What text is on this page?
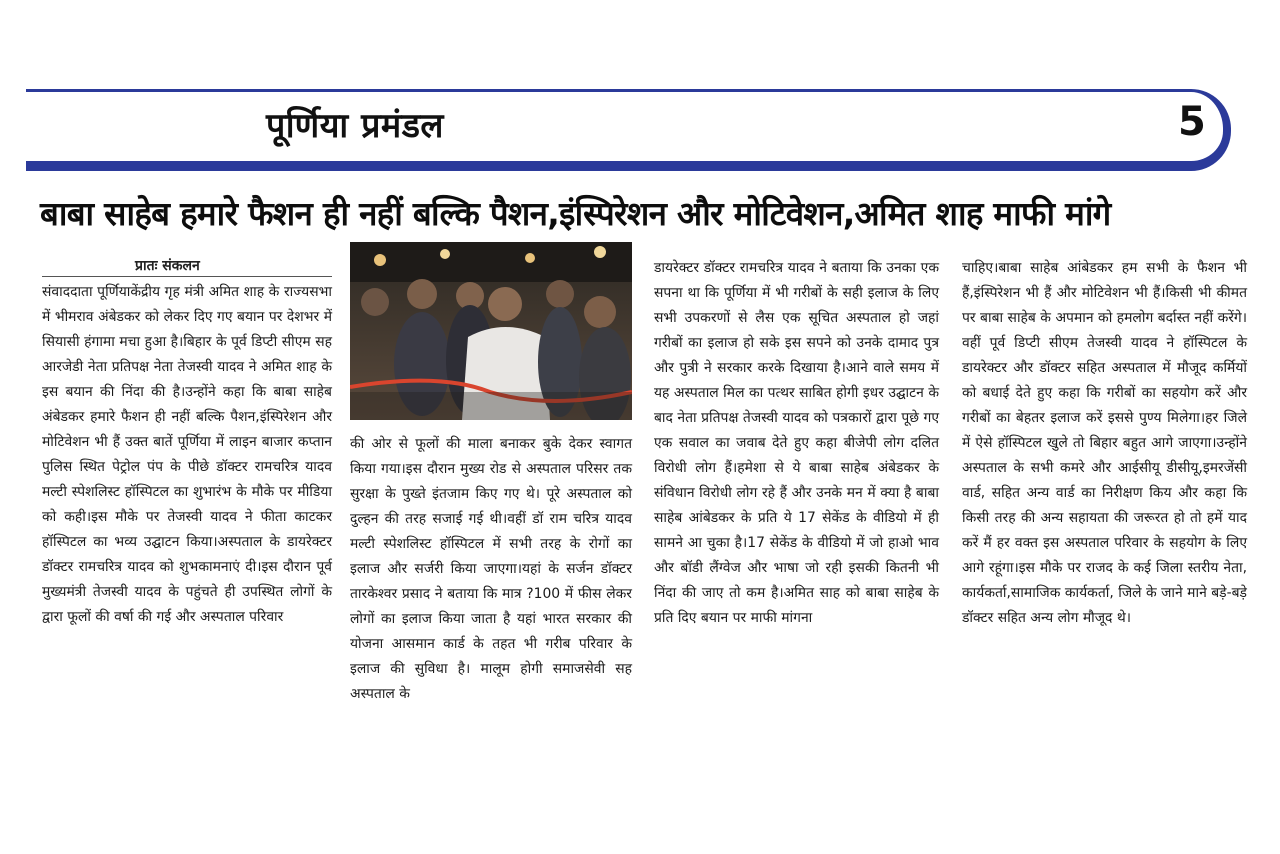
पूर्णिया प्रमंडल	5
बाबा साहेब हमारे फैशन ही नहीं बल्कि पैशन,इंस्पिरेशन और मोटिवेशन,अमित शाह माफी मांगे
प्रातः संकलन
संवाददाता पूर्णियाकेंद्रीय गृह मंत्री अमित शाह के राज्यसभा में भीमराव अंबेडकर को लेकर दिए गए बयान पर देशभर में सियासी हंगामा मचा हुआ है।बिहार के पूर्व डिप्टी सीएम सह आरजेडी नेता प्रतिपक्ष नेता तेजस्वी यादव ने अमित शाह के इस बयान की निंदा की है।उन्होंने कहा कि बाबा साहेब अंबेडकर हमारे फैशन ही नहीं बल्कि पैशन,इंस्पिरेशन और मोटिवेशन भी हैं उक्त बातें पूर्णिया में लाइन बाजार कप्तान पुलिस स्थित पेट्रोल पंप के पीछे डॉक्टर रामचरित्र यादव मल्टी स्पेशलिस्ट हॉस्पिटल का शुभारंभ के मौके पर मीडिया को कही।इस मौके पर तेजस्वी यादव ने फीता काटकर हॉस्पिटल का भव्य उद्घाटन किया।अस्पताल के डायरेक्टर डॉक्टर रामचरित्र यादव को शुभकामनाएं दी।इस दौरान पूर्व मुख्यमंत्री तेजस्वी यादव के पहुंचते ही उपस्थित लोगों के द्वारा फूलों की वर्षा की गई और अस्पताल परिवार
की ओर से फूलों की माला बनाकर बुके देकर स्वागत किया गया।इस दौरान मुख्य रोड से अस्पताल परिसर तक सुरक्षा के पुख्ते इंतजाम किए गए थे। पूरे अस्पताल को दुल्हन की तरह सजाई गई थी।वहीं डॉ राम चरित्र यादव मल्टी स्पेशलिस्ट हॉस्पिटल में सभी तरह के रोगों का इलाज और सर्जरी किया जाएगा।यहां के सर्जन डॉक्टर तारकेश्वर प्रसाद ने बताया कि मात्र ?100 में फीस लेकर लोगों का इलाज किया जाता है यहां भारत सरकार की योजना आसमान कार्ड के तहत भी गरीब परिवार के इलाज की सुविधा है। मालूम होगी समाजसेवी सह अस्पताल के
डायरेक्टर डॉक्टर रामचरित्र यादव ने बताया कि उनका एक सपना था कि पूर्णिया में भी गरीबों के सही इलाज के लिए सभी उपकरणों से लैस एक सूचित अस्पताल हो जहां गरीबों का इलाज हो सके इस सपने को उनके दामाद पुत्र और पुत्री ने सरकार करके दिखाया है।आने वाले समय में यह अस्पताल मिल का पत्थर साबित होगी इधर उद्घाटन के बाद नेता प्रतिपक्ष तेजस्वी यादव को पत्रकारों द्वारा पूछे गए एक सवाल का जवाब देते हुए कहा बीजेपी लोग दलित विरोधी लोग हैं।हमेशा से ये बाबा साहेब अंबेडकर के संविधान विरोधी लोग रहे हैं और उनके मन में क्या है बाबा साहेब आंबेडकर के प्रति ये 17 सेकेंड के वीडियो में ही सामने आ चुका है।17 सेकेंड के वीडियो में जो हाओ भाव और बॉडी लैंग्वेज और भाषा जो रही इसकी कितनी भी निंदा की जाए तो कम है।अमित साह को बाबा साहेब के प्रति दिए बयान पर माफी मांगना
चाहिए।बाबा साहेब आंबेडकर हम सभी के फैशन भी हैं,इंस्पिरेशन भी हैं और मोटिवेशन भी हैं।किसी भी कीमत पर बाबा साहेब के अपमान को हमलोग बर्दास्त नहीं करेंगे।वहीं पूर्व डिप्टी सीएम तेजस्वी यादव ने हॉस्पिटल के डायरेक्टर और डॉक्टर सहित अस्पताल में मौजूद कर्मियों को बधाई देते हुए कहा कि गरीबों का सहयोग करें और गरीबों का बेहतर इलाज करें इससे पुण्य मिलेगा।हर जिले में ऐसे हॉस्पिटल खुले तो बिहार बहुत आगे जाएगा।उन्होंने अस्पताल के सभी कमरे और आईसीयू डीसीयू,इमरजेंसी वार्ड, सहित अन्य वार्ड का निरीक्षण किय और कहा कि किसी तरह की अन्य सहायता की जरूरत हो तो हमें याद करें मैं हर वक्त इस अस्पताल परिवार के सहयोग के लिए आगे रहूंगा।इस मौके पर राजद के कई जिला स्तरीय नेता, कार्यकर्ता,सामाजिक कार्यकर्ता, जिले के जाने माने बड़े-बड़े डॉक्टर सहित अन्य लोग मौजूद थे।
